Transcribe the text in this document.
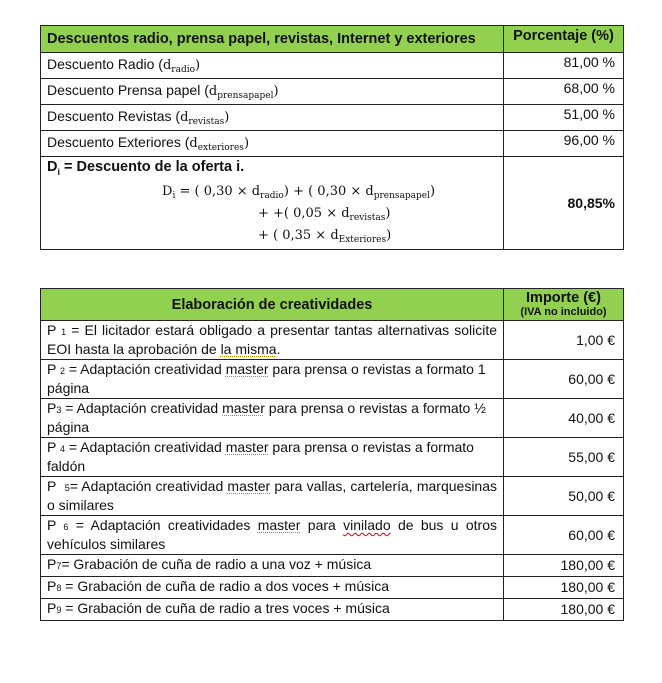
Descuentos radio, prensa papel, revistas, Internet y exteriores	Porcentaje (%)
Descuento Radio $(d_{radio})$	81,00 %
Descuento Prensa papel $(d_{prensapapel})$	68,00 %
Descuento Revistas $(d_{revistas})$	51,00 %
Descuento Exteriores $(d_{exteriores})$	96,00 %

$D_i$ = Descuento de la oferta i.
$D_i$ = ( $0,30 \times d_{radio}$) + ( $0,30 \times d_{prensapapel}$)
+ +( $0,05 \times d_{revistas}$)
+ ( $0,35 \times d_{Exteriores}$)	80,85%
Elaboración de creatividades	Importe (€)
(IVA no incluido)

P 1 = El licitador estará obligado a presentar tantas alternativas solicite EOI hasta la aprobación de la misma.	1,00 €
P 2 = Adaptación creatividad master para prensa o revistas a formato 1 página	60,00 €
P3 = Adaptación creatividad master para prensa o revistas a formato ½ página	40,00 €
P 4 = Adaptación creatividad master para prensa o revistas a formato faldón	55,00 €
P 5= Adaptación creatividad master para vallas, cartelería, marquesinas o similares	50,00 €
P 6 = Adaptación creatividades master para vinilado de bus u otros vehículos similares	60,00 €
P7= Grabación de cuña de radio a una voz + música	180,00 €
P8 = Grabación de cuña de radio a dos voces + música	180,00 €
P9 = Grabación de cuña de radio a tres voces + música	180,00 €
